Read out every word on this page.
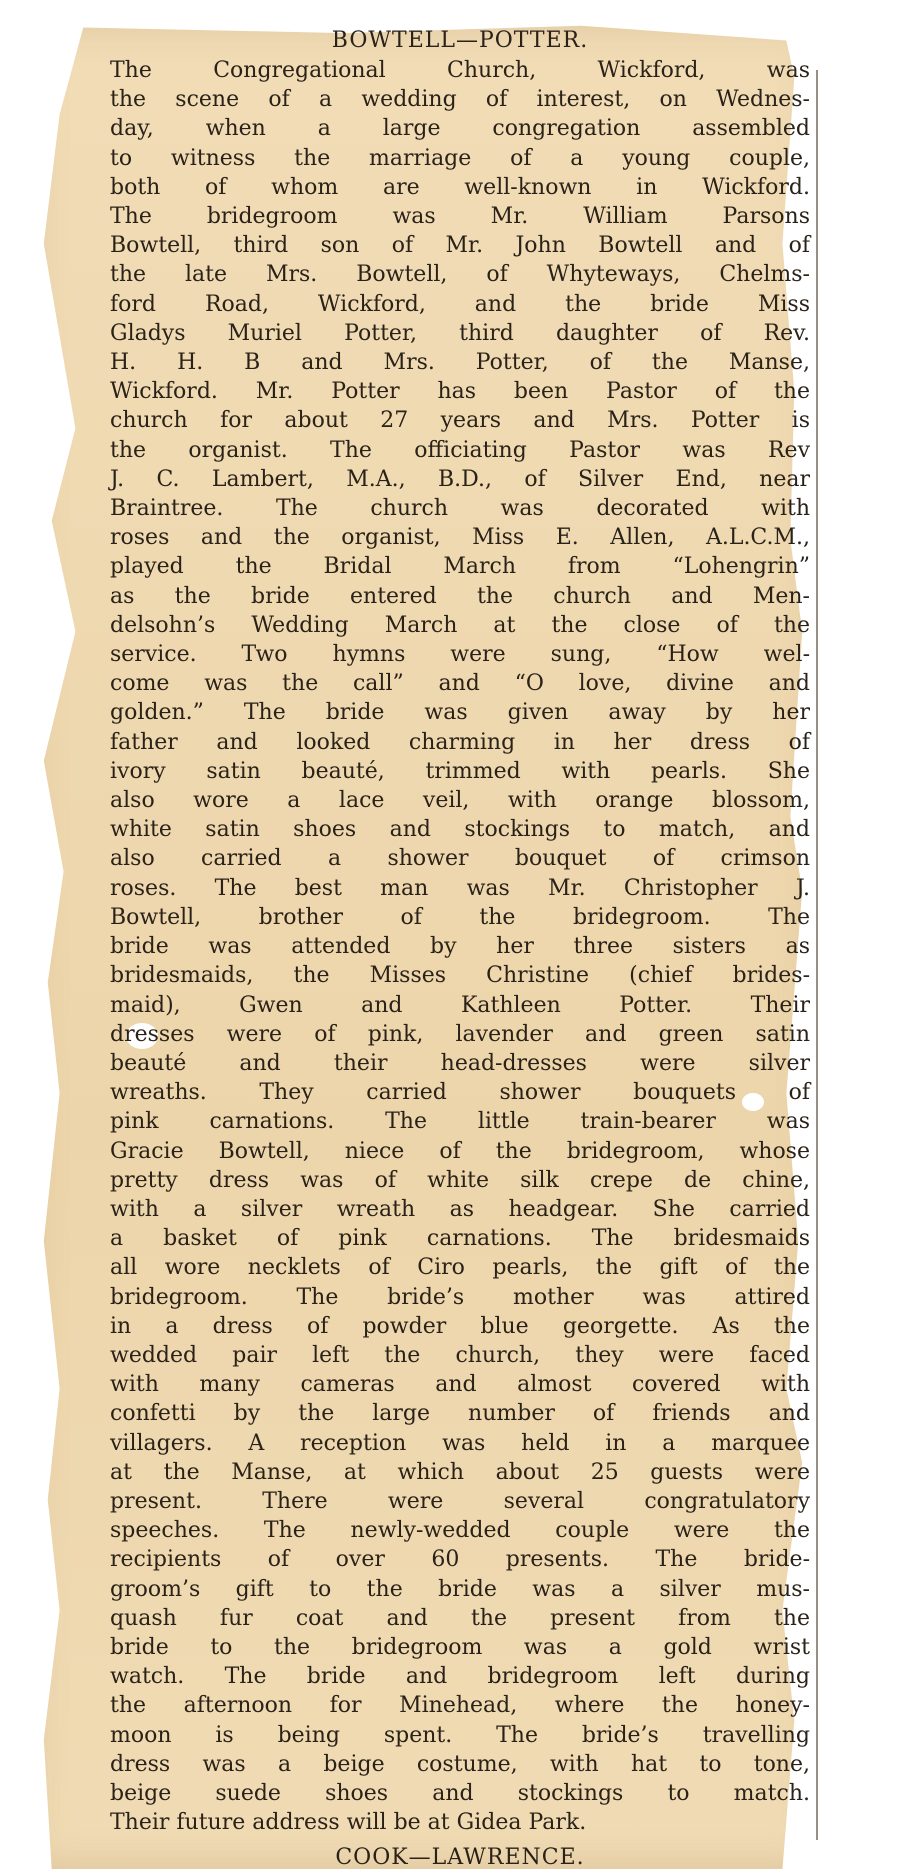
BOWTELL—POTTER.
The Congregational Church, Wickford, was
the scene of a wedding of interest, on Wednes-
day, when a large congregation assembled
to witness the marriage of a young couple,
both of whom are well-known in Wickford.
The bridegroom was Mr. William Parsons
Bowtell, third son of Mr. John Bowtell and of
the late Mrs. Bowtell, of Whyteways, Chelms-
ford Road, Wickford, and the bride Miss
Gladys Muriel Potter, third daughter of Rev.
H. H. B and Mrs. Potter, of the Manse,
Wickford. Mr. Potter has been Pastor of the
church for about 27 years and Mrs. Potter is
the organist. The officiating Pastor was Rev
J. C. Lambert, M.A., B.D., of Silver End, near
Braintree. The church was decorated with
roses and the organist, Miss E. Allen, A.L.C.M.,
played the Bridal March from “Lohengrin”
as the bride entered the church and Men-
delsohn’s Wedding March at the close of the
service. Two hymns were sung, “How wel-
come was the call” and “O love, divine and
golden.” The bride was given away by her
father and looked charming in her dress of
ivory satin beauté, trimmed with pearls. She
also wore a lace veil, with orange blossom,
white satin shoes and stockings to match, and
also carried a shower bouquet of crimson
roses. The best man was Mr. Christopher J.
Bowtell, brother of the bridegroom. The
bride was attended by her three sisters as
bridesmaids, the Misses Christine (chief brides-
maid), Gwen and Kathleen Potter. Their
dresses were of pink, lavender and green satin
beauté and their head-dresses were silver
wreaths. They carried shower bouquets of
pink carnations. The little train-bearer was
Gracie Bowtell, niece of the bridegroom, whose
pretty dress was of white silk crepe de chine,
with a silver wreath as headgear. She carried
a basket of pink carnations. The bridesmaids
all wore necklets of Ciro pearls, the gift of the
bridegroom. The bride’s mother was attired
in a dress of powder blue georgette. As the
wedded pair left the church, they were faced
with many cameras and almost covered with
confetti by the large number of friends and
villagers. A reception was held in a marquee
at the Manse, at which about 25 guests were
present. There were several congratulatory
speeches. The newly-wedded couple were the
recipients of over 60 presents. The bride-
groom’s gift to the bride was a silver mus-
quash fur coat and the present from the
bride to the bridegroom was a gold wrist
watch. The bride and bridegroom left during
the afternoon for Minehead, where the honey-
moon is being spent. The bride’s travelling
dress was a beige costume, with hat to tone,
beige suede shoes and stockings to match.
Their future address will be at Gidea Park.
COOK—LAWRENCE.
